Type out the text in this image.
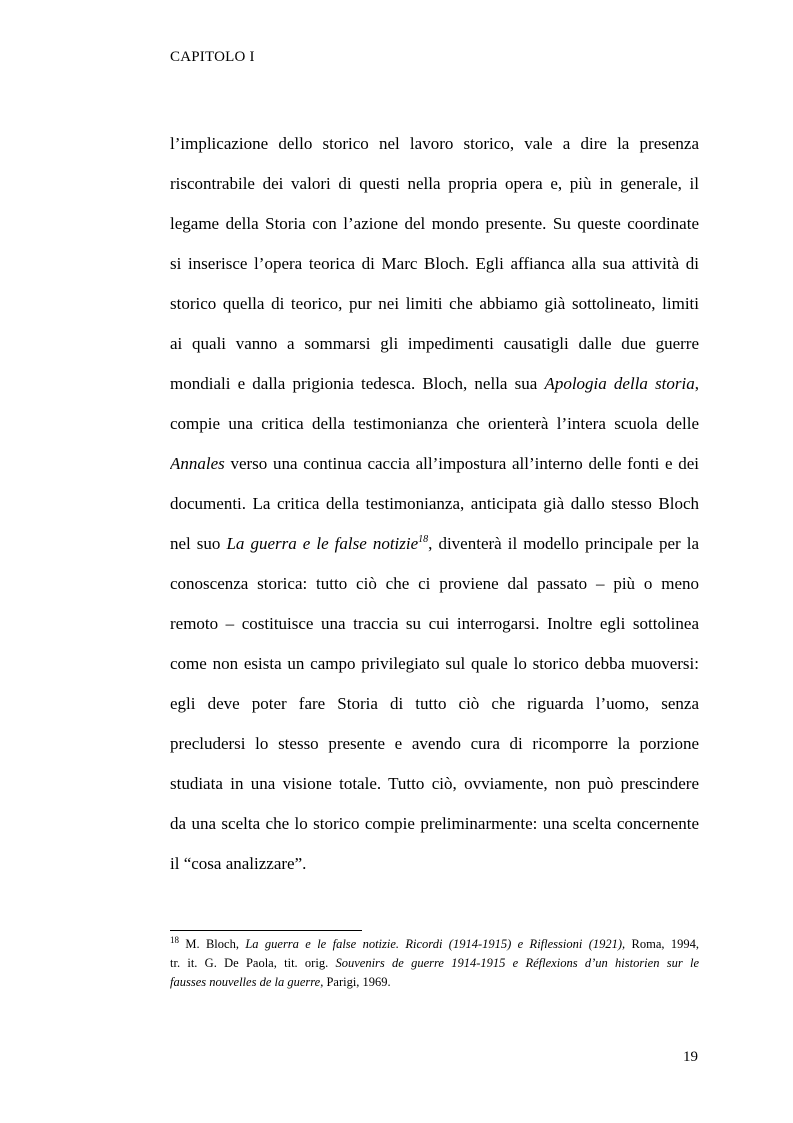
CAPITOLO I
l’implicazione dello storico nel lavoro storico, vale a dire la presenza
riscontrabile dei valori di questi nella propria opera e, più in generale, il
legame della Storia con l’azione del mondo presente. Su queste coordinate
si inserisce l’opera teorica di Marc Bloch. Egli affianca alla sua attività di
storico quella di teorico, pur nei limiti che abbiamo già sottolineato, limiti
ai quali vanno a sommarsi gli impedimenti causatigli dalle due guerre
mondiali e dalla prigionia tedesca. Bloch, nella sua Apologia della storia,
compie una critica della testimonianza che orienterà l’intera scuola delle
Annales verso una continua caccia all’impostura all’interno delle fonti e dei
documenti. La critica della testimonianza, anticipata già dallo stesso Bloch
nel suo La guerra e le false notizie$^{18}$, diventerà il modello principale per la
conoscenza storica: tutto ciò che ci proviene dal passato – più o meno
remoto – costituisce una traccia su cui interrogarsi. Inoltre egli sottolinea
come non esista un campo privilegiato sul quale lo storico debba muoversi:
egli deve poter fare Storia di tutto ciò che riguarda l’uomo, senza
precludersi lo stesso presente e avendo cura di ricomporre la porzione
studiata in una visione totale. Tutto ciò, ovviamente, non può prescindere
da una scelta che lo storico compie preliminarmente: una scelta concernente
il “cosa analizzare”.
$^{18}$ M. Bloch, La guerra e le false notizie. Ricordi (1914-1915) e Riflessioni (1921), Roma, 1994,
tr. it. G. De Paola, tit. orig. Souvenirs de guerre 1914-1915 e Réflexions d’un historien sur le
fausses nouvelles de la guerre, Parigi, 1969.
19
